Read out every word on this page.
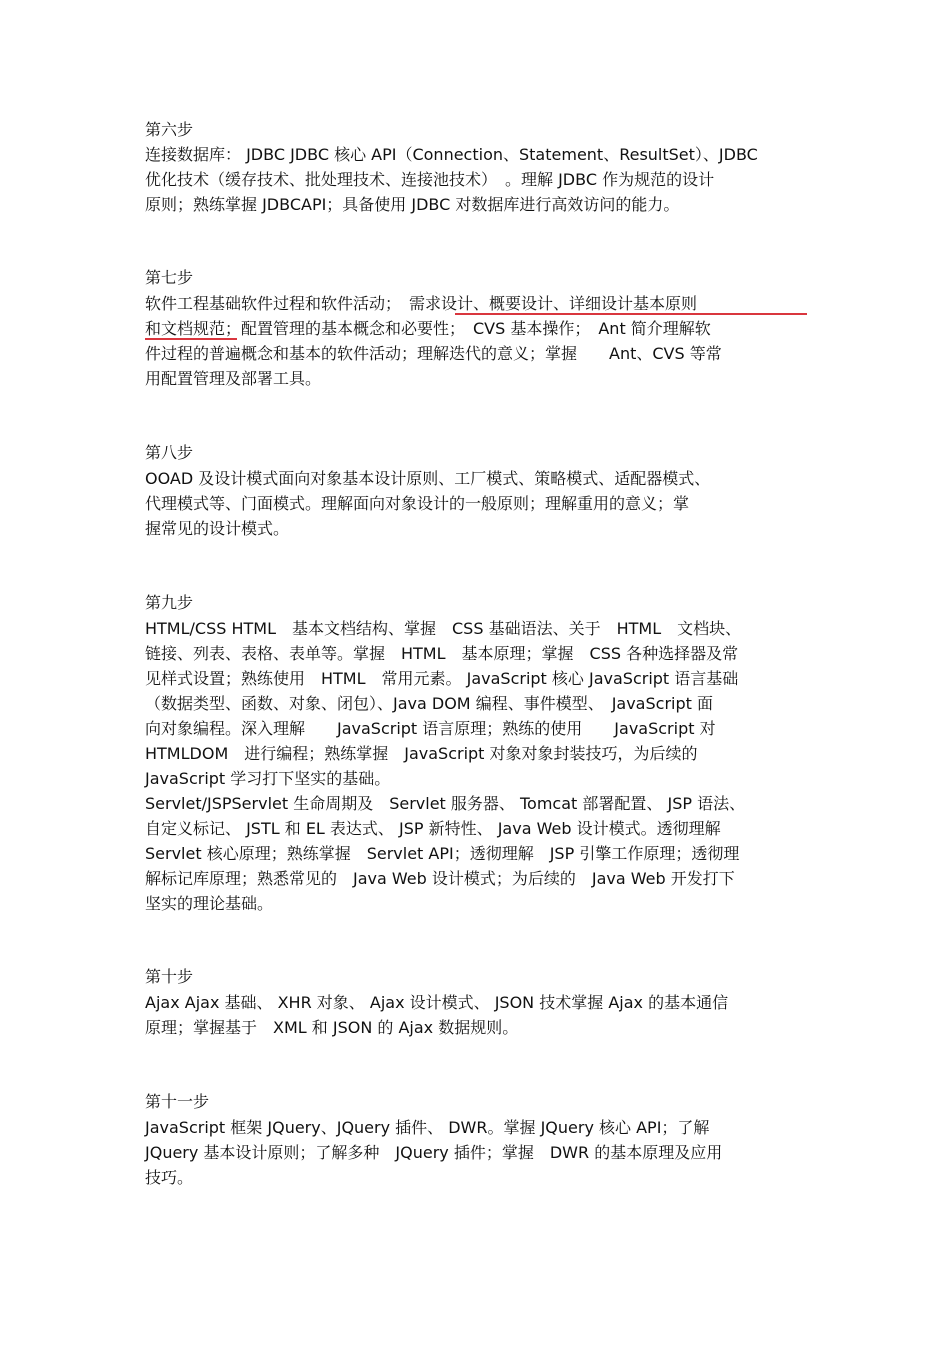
第六步
连接数据库： JDBC JDBC 核心 API（Connection、Statement、ResultSet）、JDBC
优化技术（缓存技术、批处理技术、连接池技术）　。理解 JDBC 作为规范的设计
原则；熟练掌握 JDBCAPI；具备使用 JDBC 对数据库进行高效访问的能力。
第七步
软件工程基础软件过程和软件活动；　需求设计、概要设计、详细设计基本原则
和文档规范；配置管理的基本概念和必要性；　CVS 基本操作；　Ant 简介理解软
件过程的普遍概念和基本的软件活动；理解迭代的意义；掌握　　Ant、CVS 等常
用配置管理及部署工具。
第八步
OOAD 及设计模式面向对象基本设计原则、工厂模式、策略模式、适配器模式、
代理模式等、门面模式。理解面向对象设计的一般原则；理解重用的意义；掌
握常见的设计模式。
第九步
HTML/CSS HTML　基本文档结构、掌握　CSS 基础语法、关于　HTML　文档块、
链接、列表、表格、表单等。掌握　HTML　基本原理；掌握　CSS 各种选择器及常
见样式设置；熟练使用　HTML　常用元素。 JavaScript 核心 JavaScript 语言基础
（数据类型、函数、对象、闭包）、Java DOM 编程、事件模型、　JavaScript 面
向对象编程。深入理解　　JavaScript 语言原理；熟练的使用　　JavaScript 对
HTMLDOM　进行编程；熟练掌握　JavaScript 对象对象封装技巧，为后续的
JavaScript 学习打下坚实的基础。
Servlet/JSPServlet 生命周期及　Servlet 服务器、 Tomcat 部署配置、 JSP 语法、
自定义标记、 JSTL 和 EL 表达式、 JSP 新特性、 Java Web 设计模式。透彻理解
Servlet 核心原理；熟练掌握　Servlet API；透彻理解　JSP 引擎工作原理；透彻理
解标记库原理；熟悉常见的　Java Web 设计模式；为后续的　Java Web 开发打下
坚实的理论基础。
第十步
Ajax Ajax 基础、 XHR 对象、 Ajax 设计模式、 JSON 技术掌握 Ajax 的基本通信
原理；掌握基于　XML 和 JSON 的 Ajax 数据规则。
第十一步
JavaScript 框架 JQuery、JQuery 插件、 DWR。掌握 JQuery 核心 API；了解
JQuery 基本设计原则；了解多种　JQuery 插件；掌握　DWR 的基本原理及应用
技巧。
